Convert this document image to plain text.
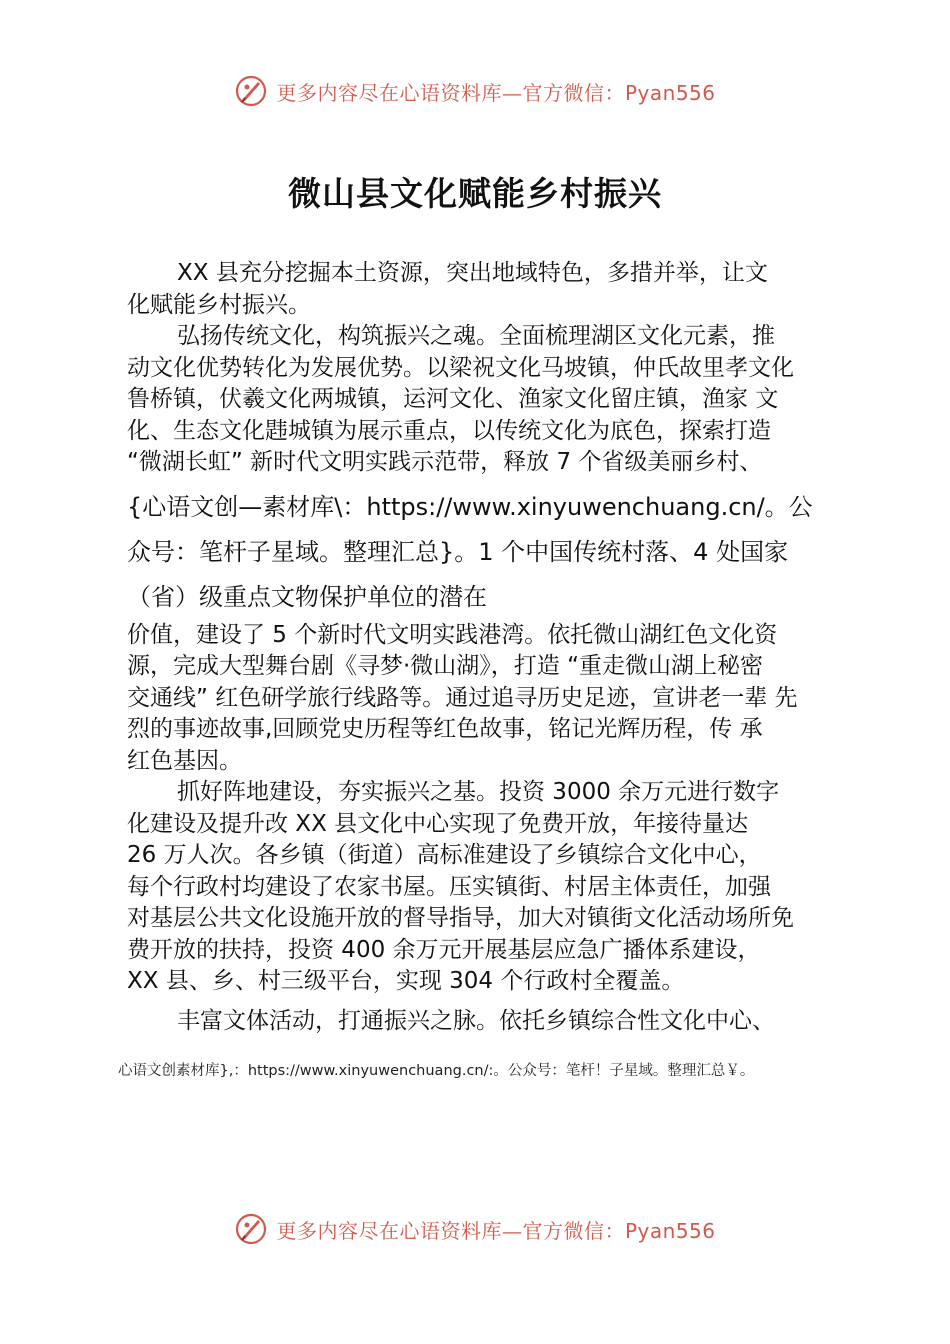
更多内容尽在心语资料库—官方微信：Pyan556
微山县文化赋能乡村振兴
XX 县充分挖掘本土资源，突出地域特色，多措并举，让文
化赋能乡村振兴。
弘扬传统文化，构筑振兴之魂。全面梳理湖区文化元素，推
动文化优势转化为发展优势。以梁祝文化马坡镇，仲氏故里孝文化
鲁桥镇，伏羲文化两城镇，运河文化、渔家文化留庄镇，渔家 文
化、生态文化韪城镇为展示重点，以传统文化为底色，探索打造
“微湖长虹” 新时代文明实践示范带，释放 7 个省级美丽乡村、
{心语文创—素材库\：https://www.xinyuwenchuang.cn/。公
众号：笔杆子星域。整理汇总}。1 个中国传统村落、4 处国家
（省）级重点文物保护单位的潜在
价值，建设了 5 个新时代文明实践港湾。依托微山湖红色文化资
源，完成大型舞台剧《寻梦·微山湖》，打造 “重走微山湖上秘密
交通线” 红色研学旅行线路等。通过追寻历史足迹，宣讲老一辈 先
烈的事迹故事,回顾党史历程等红色故事，铭记光辉历程，传 承
红色基因。
抓好阵地建设，夯实振兴之基。投资 3000 余万元进行数字
化建设及提升改 XX 县文化中心实现了免费开放，年接待量达
26 万人次。各乡镇（街道）高标准建设了乡镇综合文化中心，
每个行政村均建设了农家书屋。压实镇街、村居主体责任，加强
对基层公共文化设施开放的督导指导，加大对镇街文化活动场所免
费开放的扶持，投资 400 余万元开展基层应急广播体系建设，
XX 县、乡、村三级平台，实现 304 个行政村全覆盖。
丰富文体活动，打通振兴之脉。依托乡镇综合性文化中心、
心语文创素材库},：https://www.xinyuwenchuang.cn/:。公众号：笔杆！子星域。整理汇总￥。
更多内容尽在心语资料库—官方微信：Pyan556
